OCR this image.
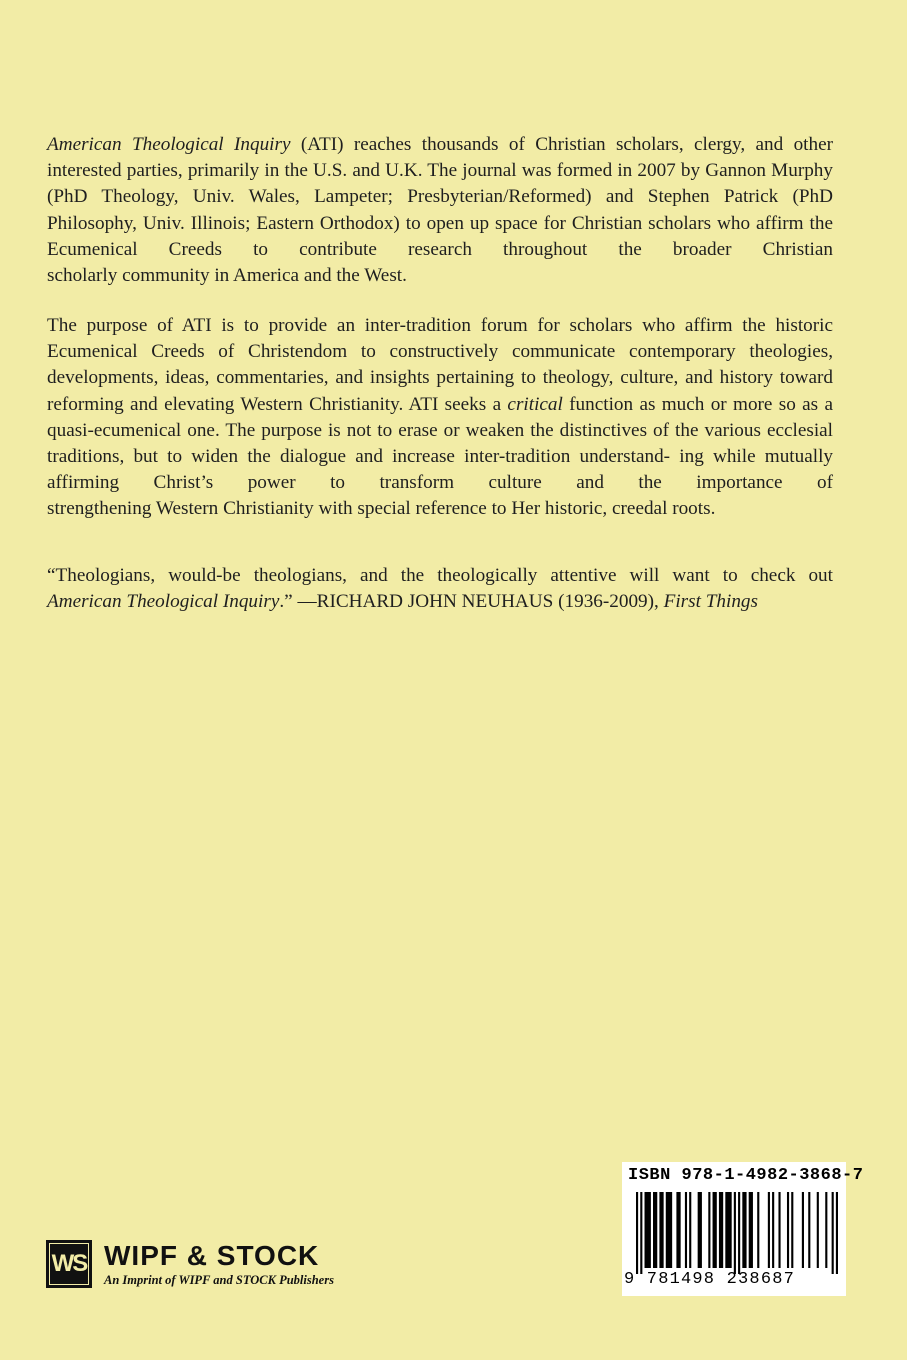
American Theological Inquiry (ATI) reaches thousands of Christian scholars, clergy, and other interested parties, primarily in the U.S. and U.K. The journal was formed in 2007 by Gannon Murphy (PhD Theology, Univ. Wales, Lampeter; Presbyterian/Reformed) and Stephen Patrick (PhD Philosophy, Univ. Illinois; Eastern Orthodox) to open up space for Christian scholars who affirm the Ecumenical Creeds to contribute research throughout the broader Christian scholarly community in America and the West.
The purpose of ATI is to provide an inter-tradition forum for scholars who affirm the historic Ecumenical Creeds of Christendom to constructively communicate contemporary theologies, developments, ideas, commentaries, and insights pertaining to theology, culture, and history toward reforming and elevating Western Christianity. ATI seeks a critical function as much or more so as a quasi-ecumenical one. The purpose is not to erase or weaken the distinctives of the various ecclesial traditions, but to widen the dialogue and increase inter-tradition understand- ing while mutually affirming Christ’s power to transform culture and the importance of strengthening Western Christianity with special reference to Her historic, creedal roots.
“Theologians, would-be theologians, and the theologically attentive will want to check out American Theological Inquiry.” —RICHARD JOHN NEUHAUS (1936-2009), First Things
ISBN 978-1-4982-3868-7
9 781498 238687
WS WIPF & STOCK
An Imprint of WIPF and STOCK Publishers
